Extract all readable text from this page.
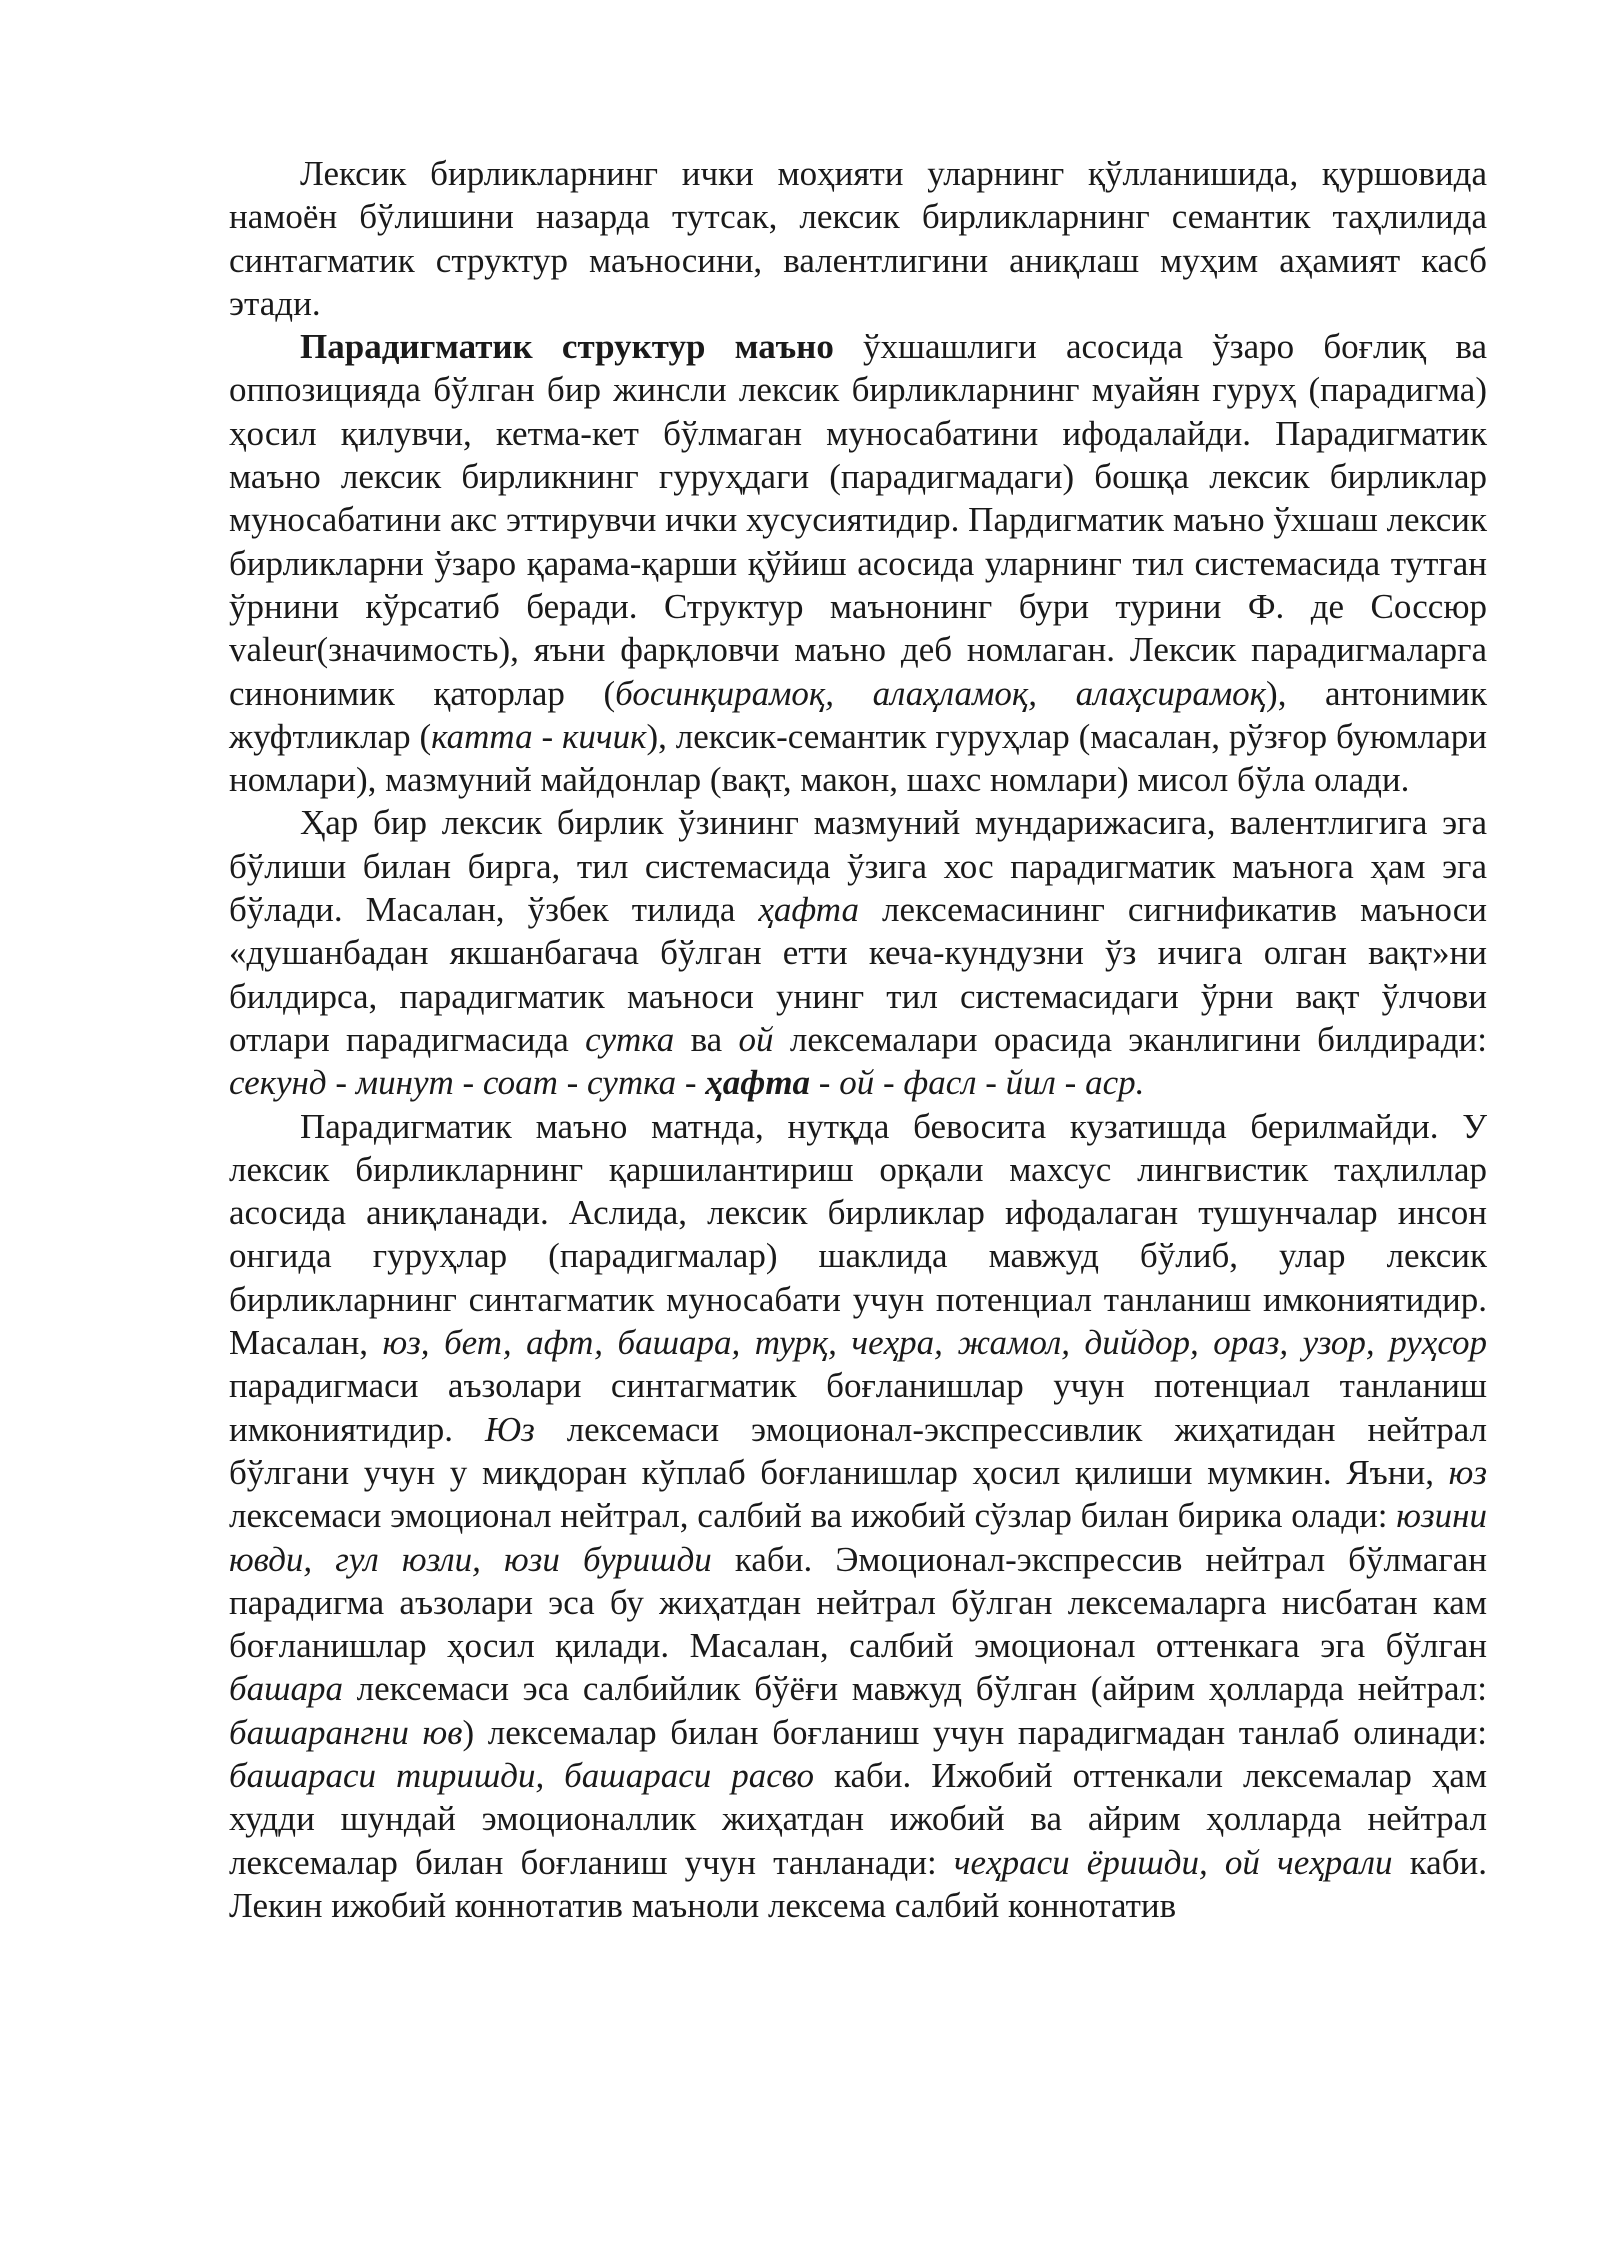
Лексик бирликларнинг ички моҳияти уларнинг қўлланишида, қуршовида намоён бўлишини назарда тутсак, лексик бирликларнинг семантик таҳлилида синтагматик структур маъносини, валентлигини аниқлаш муҳим аҳамият касб этади.

Парадигматик структур маъно ўхшашлиги асосида ўзаро боғлиқ ва оппозицияда бўлган бир жинсли лексик бирликларнинг муайян гуруҳ (парадигма) ҳосил қилувчи, кетма-кет бўлмаган муносабатини ифодалайди. Парадигматик маъно лексик бирликнинг гуруҳдаги (парадигмадаги) бошқа лексик бирликлар муносабатини акс эттирувчи ички хусусиятидир. Пардигматик маъно ўхшаш лексик бирликларни ўзаро қарама-қарши қўйиш асосида уларнинг тил системасида тутган ўрнини кўрсатиб беради. Структур маънонинг бури турини Ф. де Соссюр valeur(значимость), яъни фарқловчи маъно деб номлаган. Лексик парадигмаларга синонимик қаторлар (босинқирамоқ, алаҳламоқ, алаҳсирамоқ), антонимик жуфтликлар (катта - кичик), лексик-семантик гуруҳлар (масалан, рўзғор буюмлари номлари), мазмуний майдонлар (вақт, макон, шахс номлари) мисол бўла олади.

Ҳар бир лексик бирлик ўзининг мазмуний мундарижасига, валентлигига эга бўлиши билан бирга, тил системасида ўзига хос парадигматик маънога ҳам эга бўлади. Масалан, ўзбек тилида ҳафта лексемасининг сигнификатив маъноси «душанбадан якшанбагача бўлган етти кеча-кундузни ўз ичига олган вақт»ни билдирса, парадигматик маъноси унинг тил системасидаги ўрни вақт ўлчови отлари парадигмасида сутка ва ой лексемалари орасида эканлигини билдиради: секунд - минут - соат - сутка - ҳафта - ой - фасл - йил - аср.

Парадигматик маъно матнда, нутқда бевосита кузатишда берилмайди. У лексик бирликларнинг қаршилантириш орқали махсус лингвистик таҳлиллар асосида аниқланади. Аслида, лексик бирликлар ифодалаган тушунчалар инсон онгида гуруҳлар (парадигмалар) шаклида мавжуд бўлиб, улар лексик бирликларнинг синтагматик муносабати учун потенциал танланиш имкониятидир. Масалан, юз, бет, афт, башара, турқ, чеҳра, жамол, дийдор, ораз, узор, руҳсор парадигмаси аъзолари синтагматик боғланишлар учун потенциал танланиш имкониятидир. Юз лексемаси эмоционал-экспрессивлик жиҳатидан нейтрал бўлгани учун у миқдоран кўплаб боғланишлар ҳосил қилиши мумкин. Яъни, юз лексемаси эмоционал нейтрал, салбий ва ижобий сўзлар билан бирика олади: юзини ювди, гул юзли, юзи буришди каби. Эмоционал-экспрессив нейтрал бўлмаган парадигма аъзолари эса бу жиҳатдан нейтрал бўлган лексемаларга нисбатан кам боғланишлар ҳосил қилади. Масалан, салбий эмоционал оттенкага эга бўлган башара лексемаси эса салбийлик бўёғи мавжуд бўлган (айрим ҳолларда нейтрал: башарангни юв) лексемалар билан боғланиш учун парадигмадан танлаб олинади: башараси тиришди, башараси расво каби. Ижобий оттенкали лексемалар ҳам худди шундай эмоционаллик жиҳатдан ижобий ва айрим ҳолларда нейтрал лексемалар билан боғланиш учун танланади: чеҳраси ёришди, ой чеҳрали каби. Лекин ижобий коннотатив маъноли лексема салбий коннотатив
